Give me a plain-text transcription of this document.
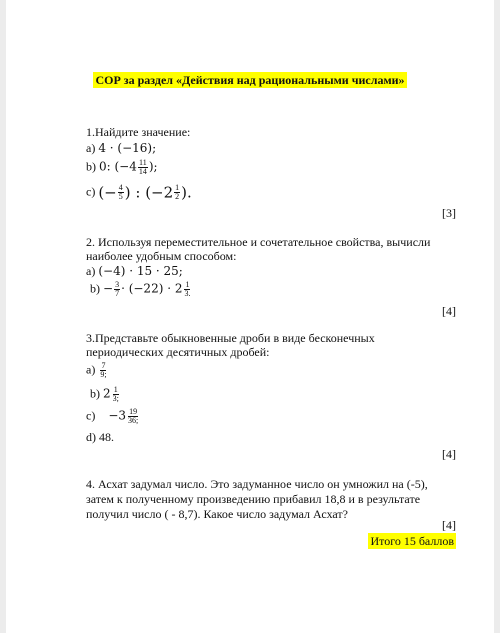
СОР за раздел «Действия над рациональными числами»
1.Найдите значение:
a) 4 · (−16);
b) 0: ($-4 \frac{11}{14}$ );
c) (− $\frac{4}{5}$ ) : ($-2 \frac{1}{2}$ ).
[3]
2. Используя переместительное и сочетательное свойства, вычисли
наиболее удобным способом:
a) (−4) · 15 · 25;
$b) - \frac{3}{7} \cdot (-22) \cdot 2 \frac{1}{3.}$
[4]
3.Представьте обыкновенные дроби в виде бесконечных
периодических десятичных дробей:
$a) \frac{7}{9;}$
b) $2 \frac{1}{3;}$
$c) -3 \frac{19}{36;}$
d) 48.
[4]
4. Асхат задумал число. Это задуманное число он умножил на (-5),
затем к полученному произведению прибавил 18,8 и в результате
получил число ( - 8,7). Какое число задумал Асхат?
[4]
Итого 15 баллов
